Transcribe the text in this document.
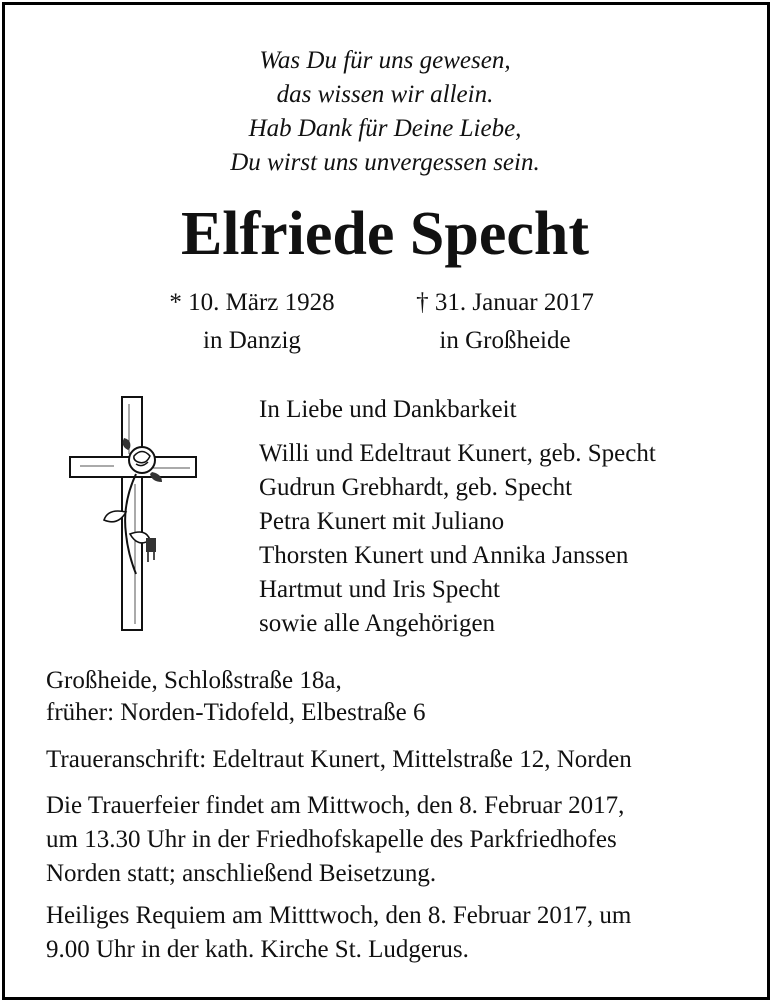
Was Du für uns gewesen,
das wissen wir allein.
Hab Dank für Deine Liebe,
Du wirst uns unvergessen sein.
Elfriede Specht
* 10. März 1928
in Danzig
† 31. Januar 2017
in Großheide
In Liebe und Dankbarkeit
Willi und Edeltraut Kunert, geb. Specht
Gudrun Grebhardt, geb. Specht
Petra Kunert mit Juliano
Thorsten Kunert und Annika Janssen
Hartmut und Iris Specht
sowie alle Angehörigen
Großheide, Schloßstraße 18a,
früher: Norden-Tidofeld, Elbestraße 6
Traueranschrift: Edeltraut Kunert, Mittelstraße 12, Norden
Die Trauerfeier findet am Mittwoch, den 8. Februar 2017,
um 13.30 Uhr in der Friedhofskapelle des Parkfriedhofes
Norden statt; anschließend Beisetzung.
Heiliges Requiem am Mitttwoch, den 8. Februar 2017, um
9.00 Uhr in der kath. Kirche St. Ludgerus.
